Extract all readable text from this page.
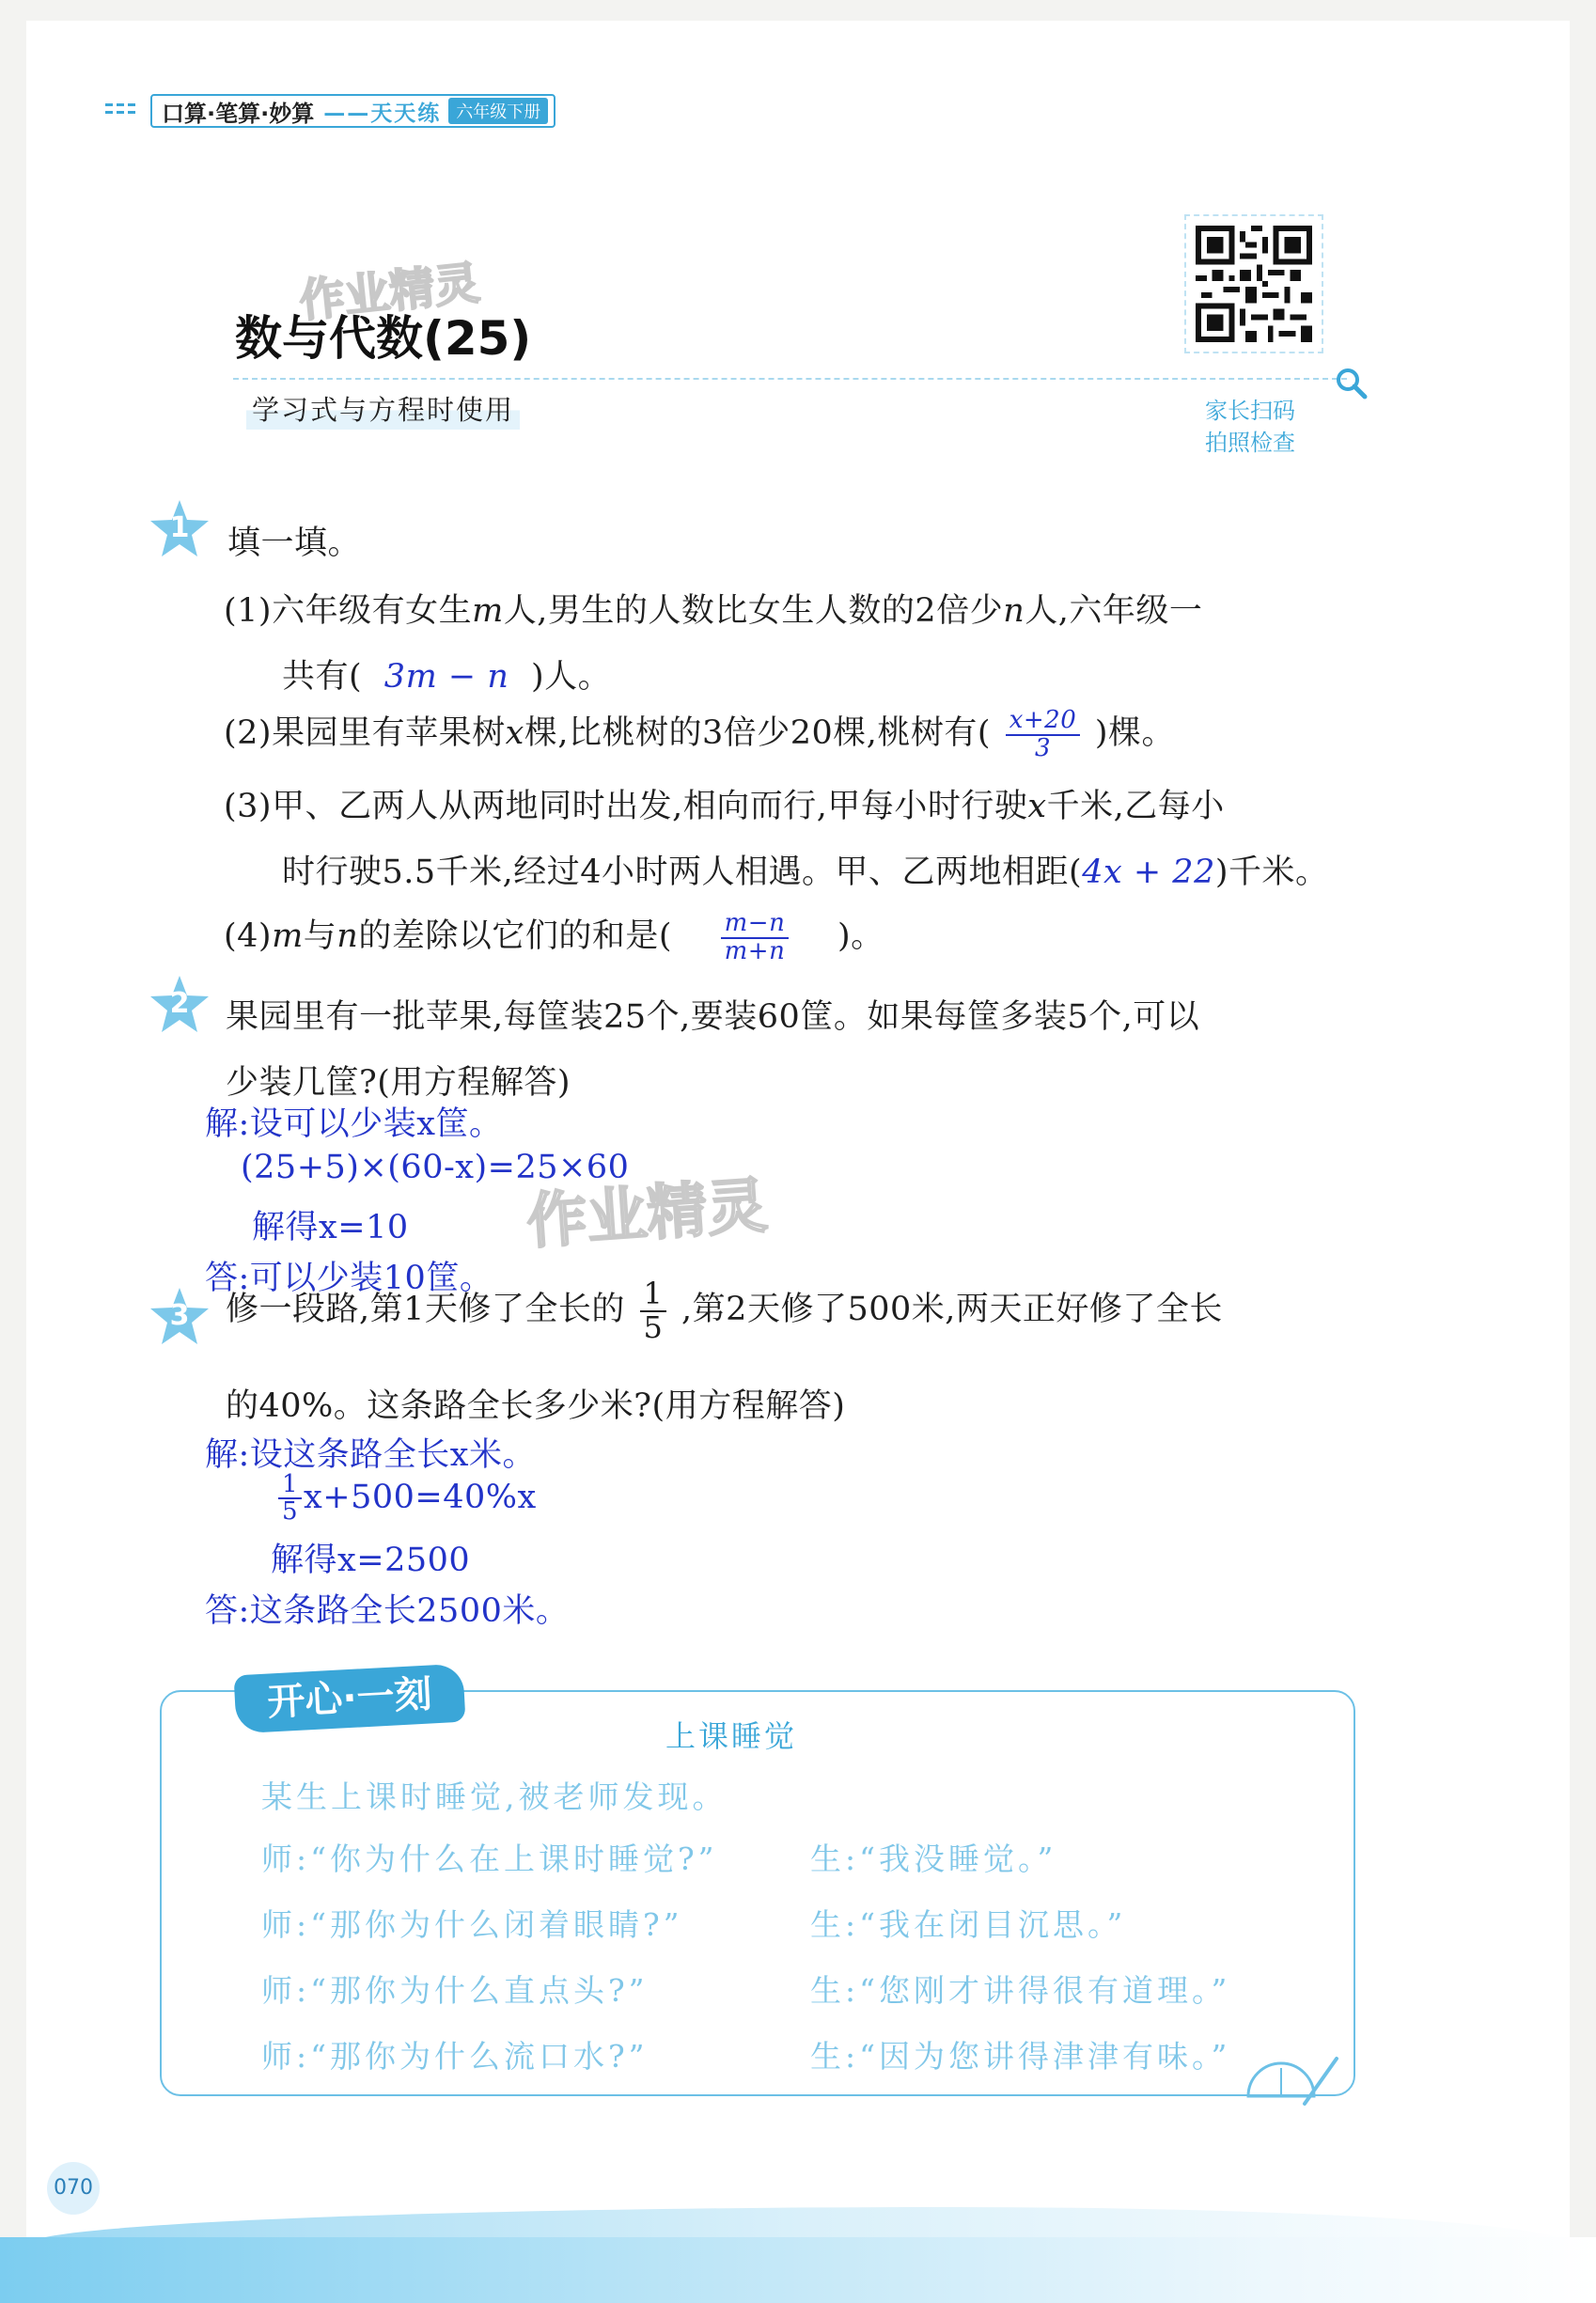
口算·笔算·妙算 ——天天练 六年级下册
作业精灵
数与代数(25)
学习式与方程时使用	家长扫码
拍照检查
1	填一填。
(1)六年级有女生m人,男生的人数比女生人数的2倍少n人,六年级一
共有( 3m − n )人。
(2)果园里有苹果树x棵,比桃树的3倍少20棵,桃树有( $\frac{x+20}{3}$ )棵。
(3)甲、乙两人从两地同时出发,相向而行,甲每小时行驶x千米,乙每小
时行驶5.5千米,经过4小时两人相遇。甲、乙两地相距(4x + 22)千米。
(4)m与n的差除以它们的和是( $\frac{m-n}{m+n}$ )。
2	果园里有一批苹果,每筐装25个,要装60筐。如果每筐多装5个,可以
少装几筐?(用方程解答)
解:设可以少装x筐。
(25+5)×(60-x)=25×60
解得x=10 作业精灵
答:可以少装10筐。
3	修一段路,第1天修了全长的 $\frac{1}{5}$ ,第2天修了500米,两天正好修了全长
的40%。这条路全长多少米?(用方程解答)
解:设这条路全长x米。
$\frac{1}{5} x+500=40\%x$
解得x=2500
答:这条路全长2500米。
开心·一刻
上课睡觉
某生上课时睡觉,被老师发现。
师:“你为什么在上课时睡觉?”	生:“我没睡觉。”
师:“那你为什么闭着眼睛?”	生:“我在闭目沉思。”
师:“那你为什么直点头?”	生:“您刚才讲得很有道理。”
师:“那你为什么流口水?”	生:“因为您讲得津津有味。”
070
